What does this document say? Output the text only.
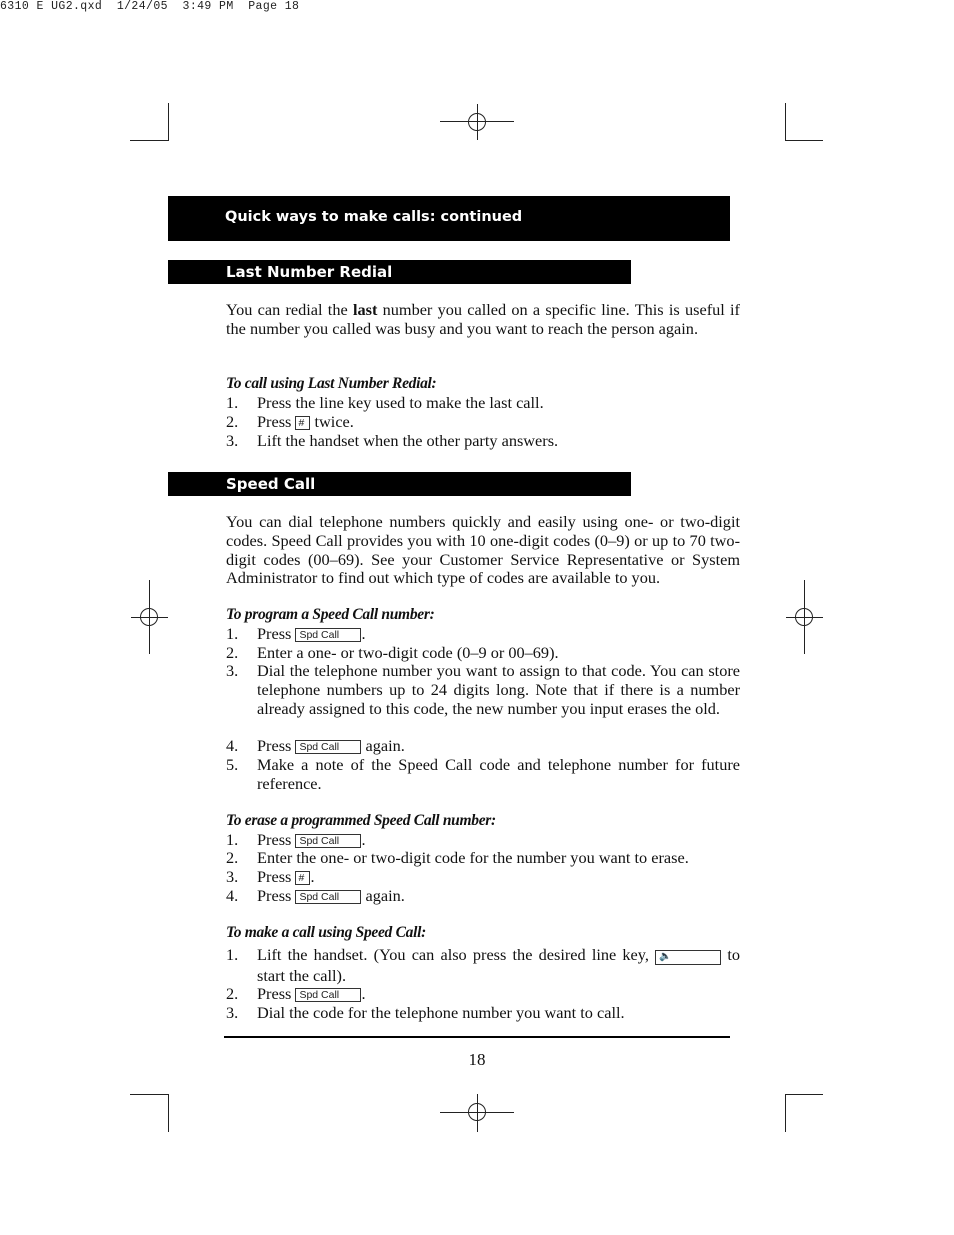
6310 E UG2.qxd  1/24/05  3:49 PM  Page 18
Quick ways to make calls: continued
Last Number Redial
You can redial the last number you called on a specific line. This is useful if the number you called was busy and you want to reach the person again.
To call using Last Number Redial:
1. Press the line key used to make the last call.
2. Press # twice.
3. Lift the handset when the other party answers.
Speed Call
You can dial telephone numbers quickly and easily using one- or two-digit codes. Speed Call provides you with 10 one-digit codes (0–9) or up to 70 two-digit codes (00–69). See your Customer Service Representative or System Administrator to find out which type of codes are available to you.
To program a Speed Call number:
1. Press Spd Call .
2. Enter a one- or two-digit code (0–9 or 00–69).
3. Dial the telephone number you want to assign to that code. You can store telephone numbers up to 24 digits long. Note that if there is a number already assigned to this code, the new number you input erases the old.
4. Press Spd Call again.
5. Make a note of the Speed Call code and telephone number for future reference.
To erase a programmed Speed Call number:
1. Press Spd Call .
2. Enter the one- or two-digit code for the number you want to erase.
3. Press # .
4. Press Spd Call again.
To make a call using Speed Call:
1. Lift the handset. (You can also press the desired line key, 🔈	to start the call).
2. Press Spd Call .
3. Dial the code for the telephone number you want to call.
18
